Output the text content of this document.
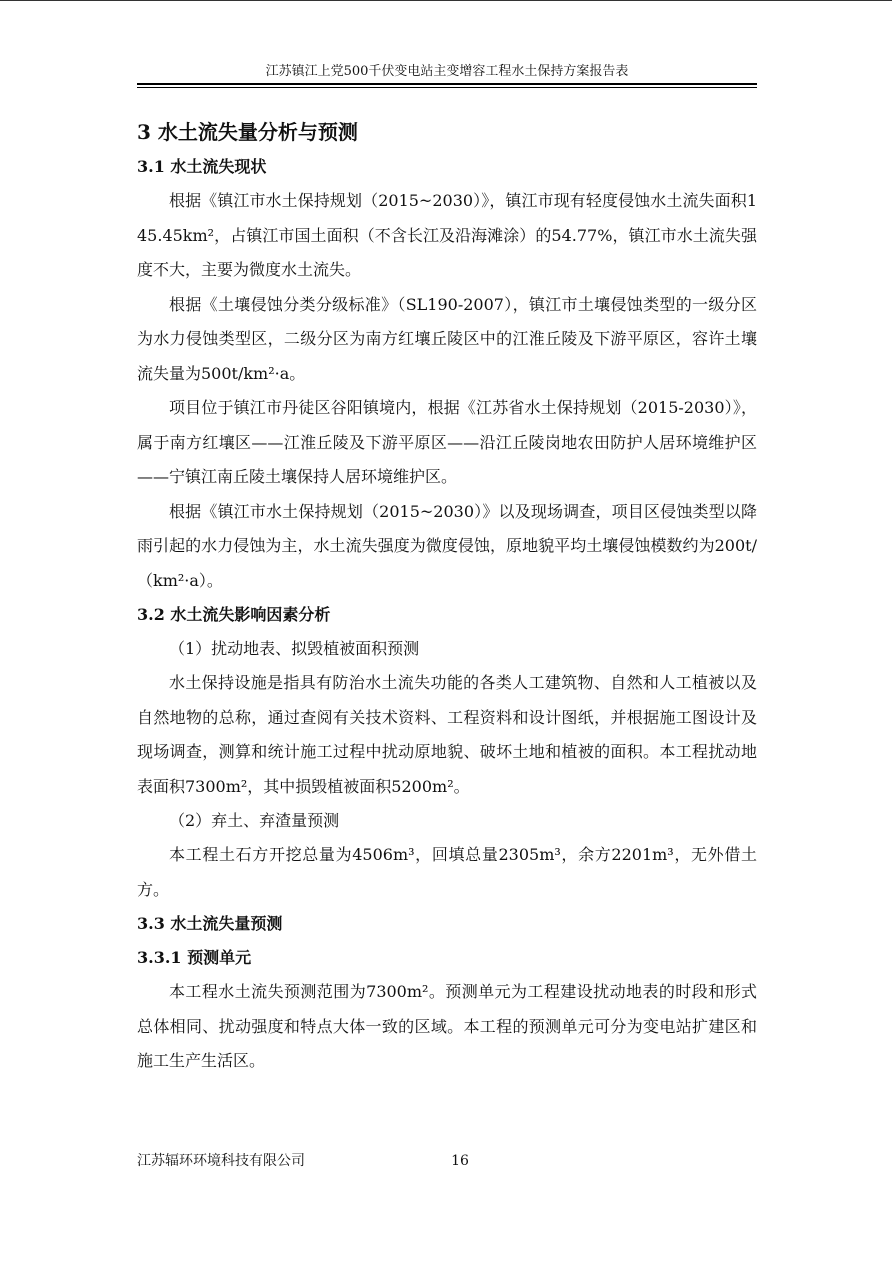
江苏镇江上党500千伏变电站主变增容工程水土保持方案报告表
3 水土流失量分析与预测
3.1 水土流失现状

根据《镇江市水土保持规划（2015~2030）》，镇江市现有轻度侵蚀水土流失面积145.45km²，占镇江市国土面积（不含长江及沿海滩涂）的54.77%，镇江市水土流失强度不大，主要为微度水土流失。

根据《土壤侵蚀分类分级标准》（SL190-2007），镇江市土壤侵蚀类型的一级分区为水力侵蚀类型区，二级分区为南方红壤丘陵区中的江淮丘陵及下游平原区，容许土壤流失量为500t/km²·a。

项目位于镇江市丹徒区谷阳镇境内，根据《江苏省水土保持规划（2015-2030）》，属于南方红壤区——江淮丘陵及下游平原区——沿江丘陵岗地农田防护人居环境维护区——宁镇江南丘陵土壤保持人居环境维护区。

根据《镇江市水土保持规划（2015~2030）》以及现场调查，项目区侵蚀类型以降雨引起的水力侵蚀为主，水土流失强度为微度侵蚀，原地貌平均土壤侵蚀模数约为200t/（km²·a）。

3.2 水土流失影响因素分析
（1）扰动地表、拟毁植被面积预测

水土保持设施是指具有防治水土流失功能的各类人工建筑物、自然和人工植被以及自然地物的总称，通过查阅有关技术资料、工程资料和设计图纸，并根据施工图设计及现场调查，测算和统计施工过程中扰动原地貌、破坏土地和植被的面积。本工程扰动地表面积7300m²，其中损毁植被面积5200m²。

（2）弃土、弃渣量预测

本工程土石方开挖总量为4506m³，回填总量2305m³，余方2201m³，无外借土方。

3.3 水土流失量预测
3.3.1 预测单元

本工程水土流失预测范围为7300m²。预测单元为工程建设扰动地表的时段和形式总体相同、扰动强度和特点大体一致的区域。本工程的预测单元可分为变电站扩建区和施工生产生活区。

江苏辐环环境科技有限公司	16
